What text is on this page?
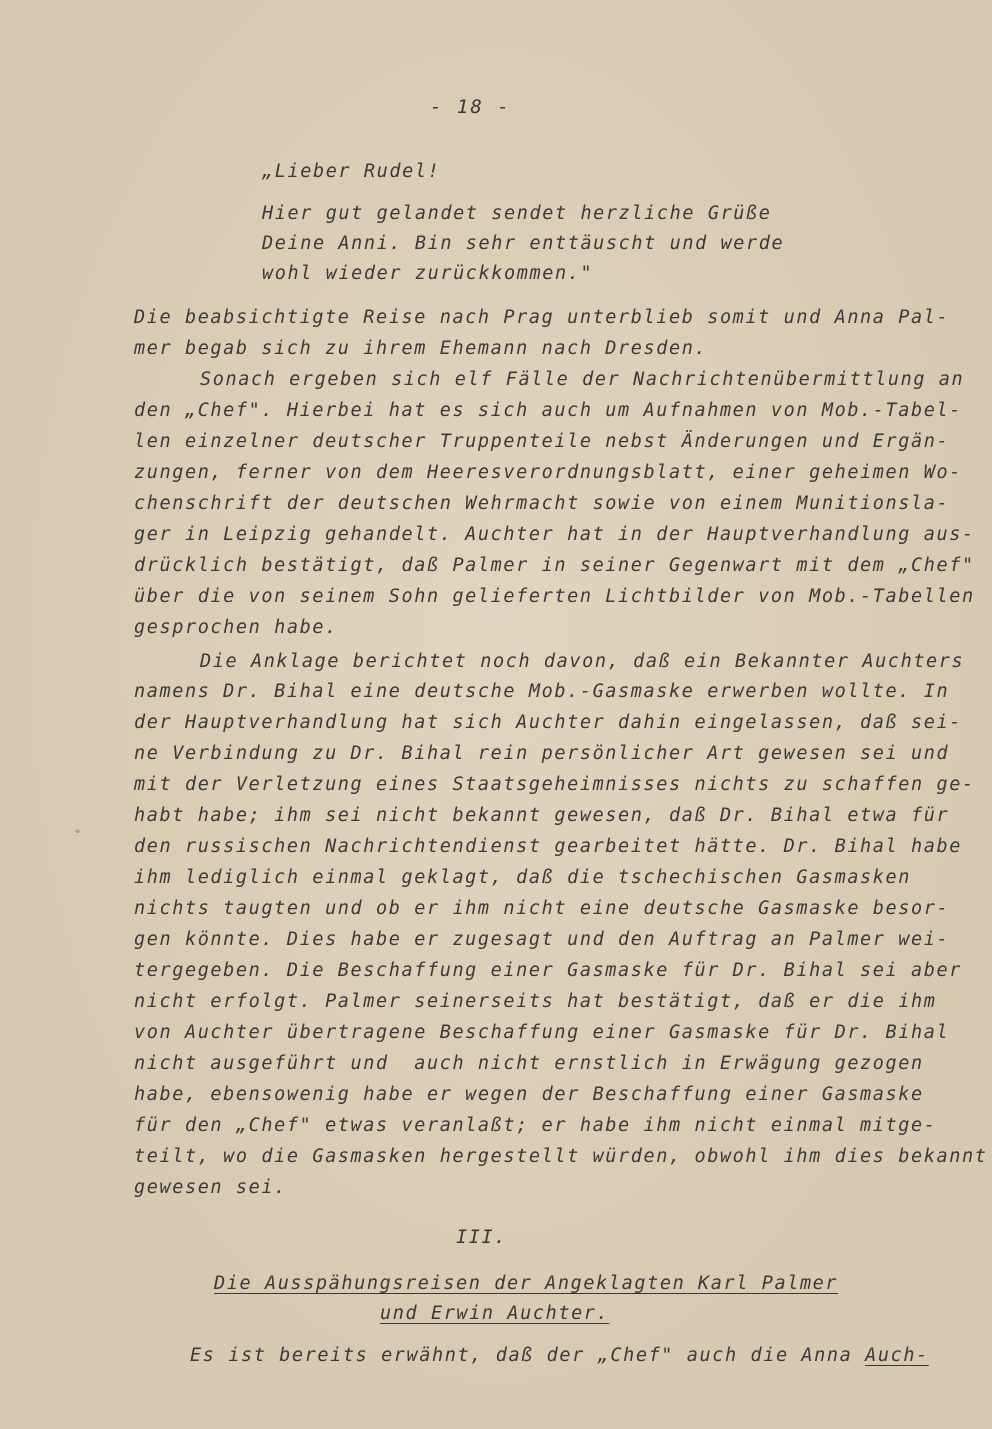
- 18 -
„Lieber Rudel!
Hier gut gelandet sendet herzliche Grüße
Deine Anni. Bin sehr enttäuscht und werde
wohl wieder zurückkommen."
Die beabsichtigte Reise nach Prag unterblieb somit und Anna Pal-
mer begab sich zu ihrem Ehemann nach Dresden.
Sonach ergeben sich elf Fälle der Nachrichtenübermittlung an
den „Chef". Hierbei hat es sich auch um Aufnahmen von Mob.-Tabel-
len einzelner deutscher Truppenteile nebst Änderungen und Ergän-
zungen, ferner von dem Heeresverordnungsblatt, einer geheimen Wo-
chenschrift der deutschen Wehrmacht sowie von einem Munitionsla-
ger in Leipzig gehandelt. Auchter hat in der Hauptverhandlung aus-
drücklich bestätigt, daß Palmer in seiner Gegenwart mit dem „Chef"
über die von seinem Sohn gelieferten Lichtbilder von Mob.-Tabellen
gesprochen habe.
Die Anklage berichtet noch davon, daß ein Bekannter Auchters
namens Dr. Bihal eine deutsche Mob.-Gasmaske erwerben wollte. In
der Hauptverhandlung hat sich Auchter dahin eingelassen, daß sei-
ne Verbindung zu Dr. Bihal rein persönlicher Art gewesen sei und
mit der Verletzung eines Staatsgeheimnisses nichts zu schaffen ge-
habt habe; ihm sei nicht bekannt gewesen, daß Dr. Bihal etwa für
den russischen Nachrichtendienst gearbeitet hätte. Dr. Bihal habe
ihm lediglich einmal geklagt, daß die tschechischen Gasmasken
nichts taugten und ob er ihm nicht eine deutsche Gasmaske besor-
gen könnte. Dies habe er zugesagt und den Auftrag an Palmer wei-
tergegeben. Die Beschaffung einer Gasmaske für Dr. Bihal sei aber
nicht erfolgt. Palmer seinerseits hat bestätigt, daß er die ihm
von Auchter übertragene Beschaffung einer Gasmaske für Dr. Bihal
nicht ausgeführt und  auch nicht ernstlich in Erwägung gezogen
habe, ebensowenig habe er wegen der Beschaffung einer Gasmaske
für den „Chef" etwas veranlaßt; er habe ihm nicht einmal mitge-
teilt, wo die Gasmasken hergestellt würden, obwohl ihm dies bekannt
gewesen sei.
III.
Die Ausspähungsreisen der Angeklagten Karl Palmer
und Erwin Auchter.
Es ist bereits erwähnt, daß der „Chef" auch die Anna Auch-
ᵉ
